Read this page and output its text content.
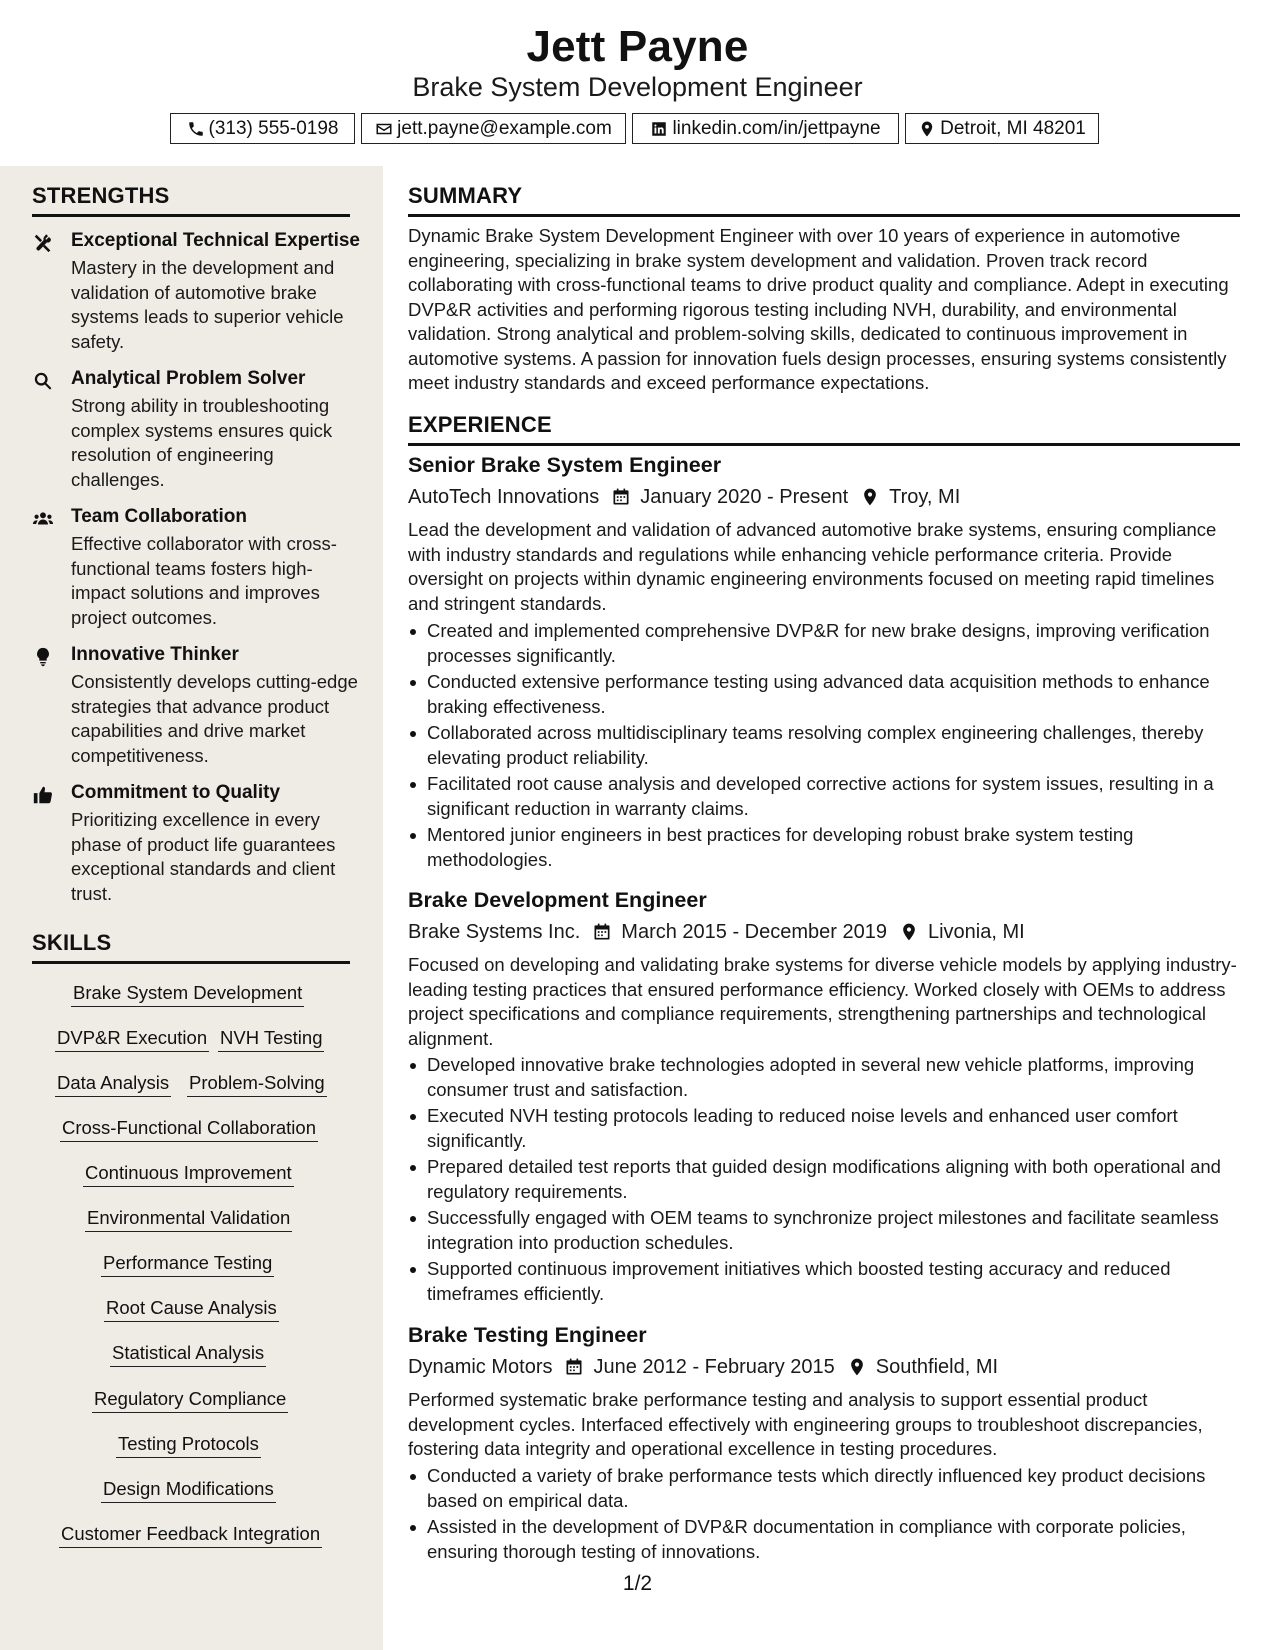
Jett Payne
Brake System Development Engineer
(313) 555-0198	jett.payne@example.com	linkedin.com/in/jettpayne	Detroit, MI 48201
STRENGTHS
Exceptional Technical Expertise
Mastery in the development and validation of automotive brake systems leads to superior vehicle safety.
Analytical Problem Solver
Strong ability in troubleshooting complex systems ensures quick resolution of engineering challenges.
Team Collaboration
Effective collaborator with cross-functional teams fosters high-impact solutions and improves project outcomes.
Innovative Thinker
Consistently develops cutting-edge strategies that advance product capabilities and drive market competitiveness.
Commitment to Quality
Prioritizing excellence in every phase of product life guarantees exceptional standards and client trust.
SKILLS
Brake System Development
DVP&R Execution NVH Testing
Data Analysis Problem-Solving
Cross-Functional Collaboration
Continuous Improvement
Environmental Validation
Performance Testing
Root Cause Analysis
Statistical Analysis
Regulatory Compliance
Testing Protocols
Design Modifications
Customer Feedback Integration
SUMMARY
Dynamic Brake System Development Engineer with over 10 years of experience in automotive engineering, specializing in brake system development and validation. Proven track record collaborating with cross-functional teams to drive product quality and compliance. Adept in executing DVP&R activities and performing rigorous testing including NVH, durability, and environmental validation. Strong analytical and problem-solving skills, dedicated to continuous improvement in automotive systems. A passion for innovation fuels design processes, ensuring systems consistently meet industry standards and exceed performance expectations.
EXPERIENCE
Senior Brake System Engineer
AutoTech Innovations January 2020 - Present Troy, MI
Lead the development and validation of advanced automotive brake systems, ensuring compliance with industry standards and regulations while enhancing vehicle performance criteria. Provide oversight on projects within dynamic engineering environments focused on meeting rapid timelines and stringent standards.
Created and implemented comprehensive DVP&R for new brake designs, improving verification processes significantly.
Conducted extensive performance testing using advanced data acquisition methods to enhance braking effectiveness.
Collaborated across multidisciplinary teams resolving complex engineering challenges, thereby elevating product reliability.
Facilitated root cause analysis and developed corrective actions for system issues, resulting in a significant reduction in warranty claims.
Mentored junior engineers in best practices for developing robust brake system testing methodologies.
Brake Development Engineer
Brake Systems Inc. March 2015 - December 2019 Livonia, MI
Focused on developing and validating brake systems for diverse vehicle models by applying industry-leading testing practices that ensured performance efficiency. Worked closely with OEMs to address project specifications and compliance requirements, strengthening partnerships and technological alignment.
Developed innovative brake technologies adopted in several new vehicle platforms, improving consumer trust and satisfaction.
Executed NVH testing protocols leading to reduced noise levels and enhanced user comfort significantly.
Prepared detailed test reports that guided design modifications aligning with both operational and regulatory requirements.
Successfully engaged with OEM teams to synchronize project milestones and facilitate seamless integration into production schedules.
Supported continuous improvement initiatives which boosted testing accuracy and reduced timeframes efficiently.
Brake Testing Engineer
Dynamic Motors June 2012 - February 2015 Southfield, MI
Performed systematic brake performance testing and analysis to support essential product development cycles. Interfaced effectively with engineering groups to troubleshoot discrepancies, fostering data integrity and operational excellence in testing procedures.
Conducted a variety of brake performance tests which directly influenced key product decisions based on empirical data.
Assisted in the development of DVP&R documentation in compliance with corporate policies, ensuring thorough testing of innovations.
1/2
